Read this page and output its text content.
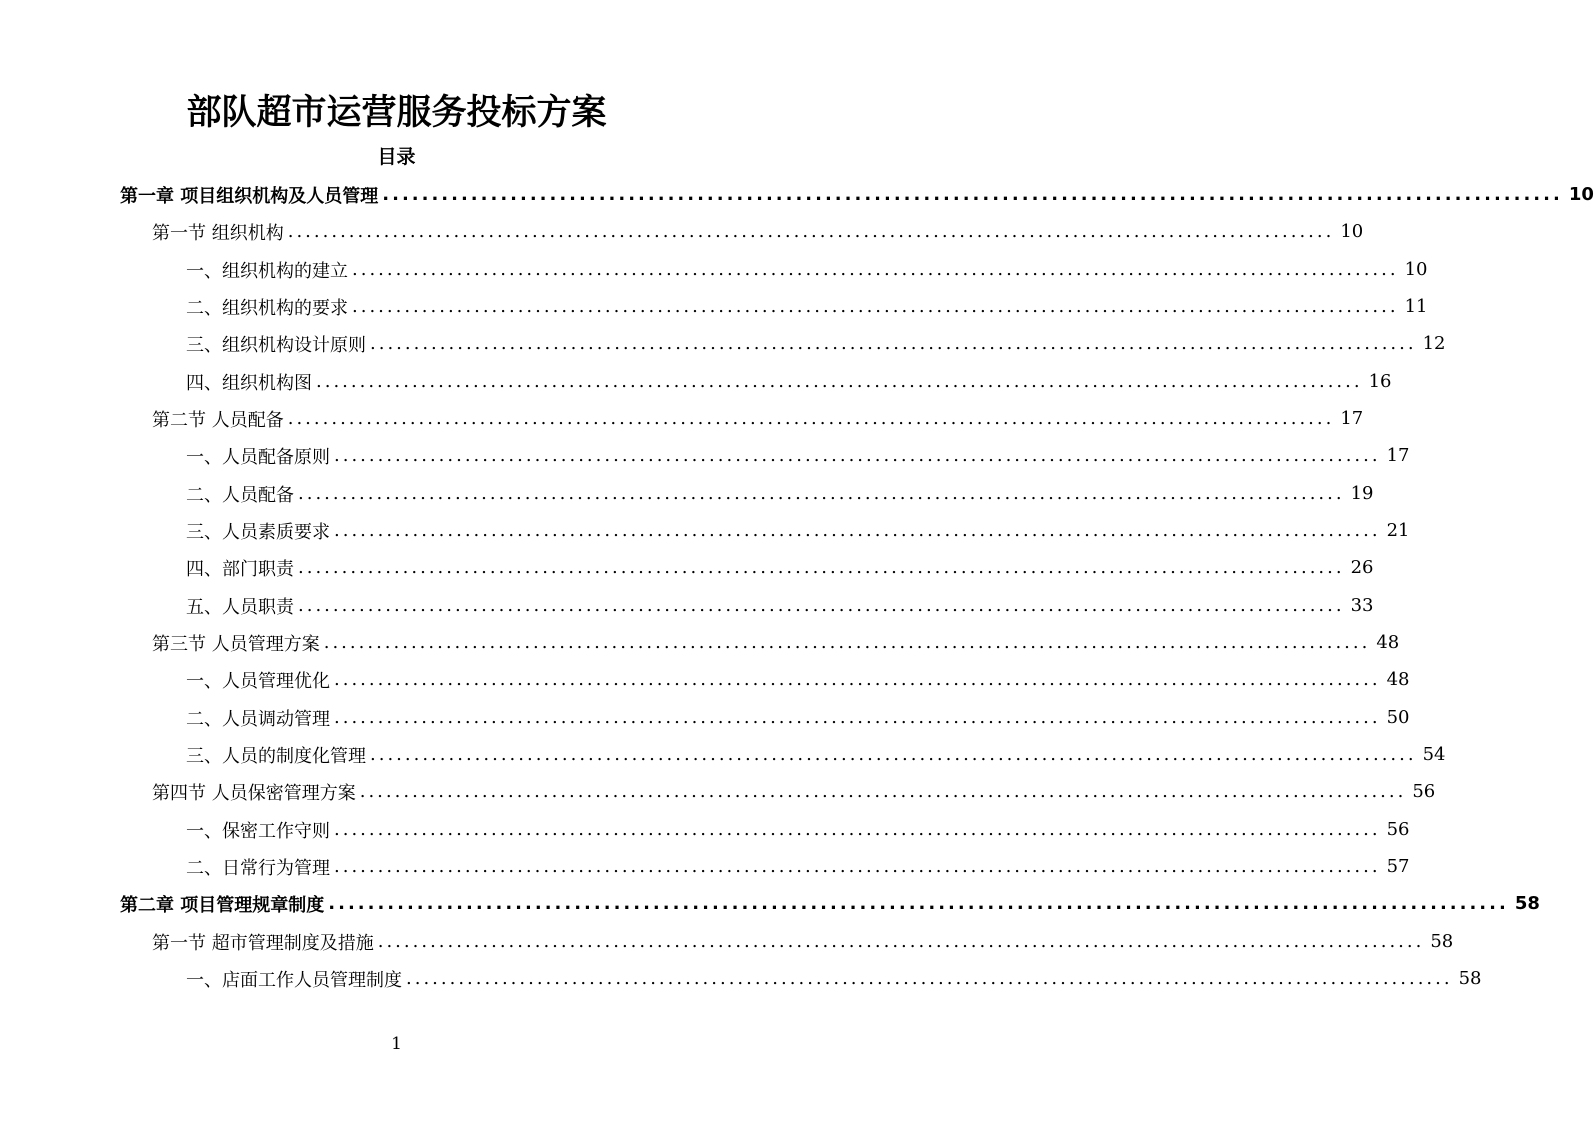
部队超市运营服务投标方案
目录
第一章 项目组织机构及人员管理 ........................................................................................................................ 10
第一节 组织机构 ........................................................................................................................ 10
一、组织机构的建立 ........................................................................................................................ 10
二、组织机构的要求 ........................................................................................................................ 11
三、组织机构设计原则 ........................................................................................................................ 12
四、组织机构图 ........................................................................................................................ 16
第二节 人员配备 ........................................................................................................................ 17
一、人员配备原则 ........................................................................................................................ 17
二、人员配备 ........................................................................................................................ 19
三、人员素质要求 ........................................................................................................................ 21
四、部门职责 ........................................................................................................................ 26
五、人员职责 ........................................................................................................................ 33
第三节 人员管理方案 ........................................................................................................................ 48
一、人员管理优化 ........................................................................................................................ 48
二、人员调动管理 ........................................................................................................................ 50
三、人员的制度化管理 ........................................................................................................................ 54
第四节 人员保密管理方案 ........................................................................................................................ 56
一、保密工作守则 ........................................................................................................................ 56
二、日常行为管理 ........................................................................................................................ 57
第二章 项目管理规章制度 ........................................................................................................................ 58
第一节 超市管理制度及措施 ........................................................................................................................ 58
一、店面工作人员管理制度 ........................................................................................................................ 58
1
